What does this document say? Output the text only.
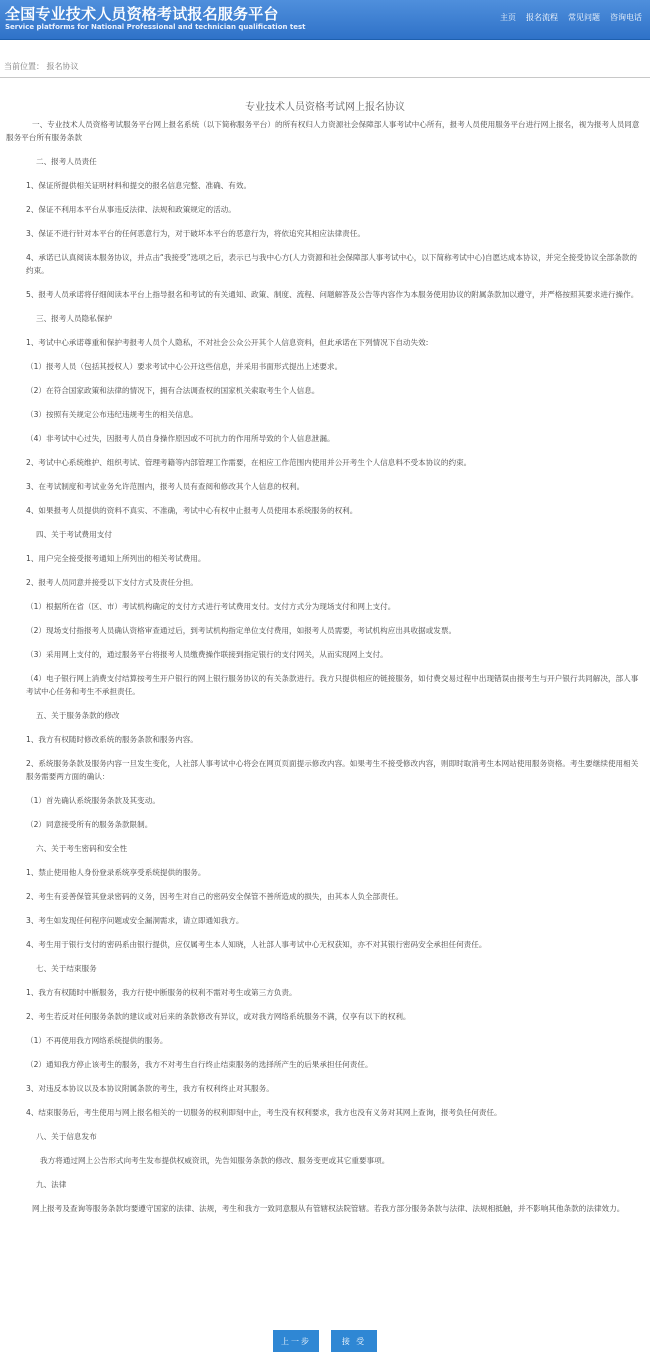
全国专业技术人员资格考试报名服务平台
Service platforms for National Professional and technician qualification test
主页 报名流程 常见问题 咨询电话
当前位置： 报名协议
专业技术人员资格考试网上报名协议
一、专业技术人员资格考试服务平台网上报名系统（以下简称服务平台）的所有权归人力资源社会保障部人事考试中心所有，报考人员使用服务平台进行网上报名，视为报考人员同意服务平台所有服务条款
二、报考人员责任
1、保证所提供相关证明材料和提交的报名信息完整、准确、有效。
2、保证不利用本平台从事违反法律、法规和政策规定的活动。
3、保证不进行针对本平台的任何恶意行为，对于破坏本平台的恶意行为，将依追究其相应法律责任。
4、承诺已认真阅读本服务协议，并点击“我接受”选项之后，表示已与我中心方(人力资源和社会保障部人事考试中心，以下简称考试中心)自愿达成本协议，并完全接受协议全部条款的约束。
5、报考人员承诺将仔细阅读本平台上指导报名和考试的有关通知、政策、制度、流程、问题解答及公告等内容作为本服务使用协议的附属条款加以遵守，并严格按照其要求进行操作。
三、报考人员隐私保护
1、考试中心承诺尊重和保护考报考人员个人隐私，不对社会公众公开其个人信息资料，但此承诺在下列情况下自动失效:
（1）报考人员（包括其授权人）要求考试中心公开这些信息，并采用书面形式提出上述要求。
（2）在符合国家政策和法律的情况下，拥有合法调查权的国家机关索取考生个人信息。
（3）按照有关规定公布违纪违规考生的相关信息。
（4）非考试中心过失，因报考人员自身操作原因或不可抗力的作用所导致的个人信息泄漏。
2、考试中心系统维护、组织考试、管理考籍等内部管理工作需要，在相应工作范围内使用并公开考生个人信息料不受本协议的约束。
3、在考试制度和考试业务允许范围内，报考人员有查阅和修改其个人信息的权利。
4、如果报考人员提供的资料不真实、不准确，考试中心有权中止报考人员使用本系统服务的权利。
四、关于考试费用支付
1、用户完全接受报考通知上所列出的相关考试费用。
2、报考人员同意并接受以下支付方式及责任分担。
（1）根据所在省（区、市）考试机构确定的支付方式进行考试费用支付。支付方式分为现场支付和网上支付。
（2）现场支付指报考人员确认资格审查通过后，到考试机构指定单位支付费用，如报考人员需要，考试机构应出具收据或发票。
（3）采用网上支付的，通过服务平台将报考人员缴费操作联接到指定银行的支付网关，从而实现网上支付。
（4）电子银行网上消费支付结算按考生开户银行的网上银行服务协议的有关条款进行。我方只提供相应的链接服务，如付费交易过程中出现错误由报考生与开户银行共同解决，部人事考试中心任务和考生不承担责任。
五、关于服务条款的修改
1、我方有权随时修改系统的服务条款和服务内容。
2、系统服务条款及服务内容一旦发生变化，人社部人事考试中心将会在网页页面提示修改内容。如果考生不接受修改内容，则即时取消考生本网站使用服务资格。考生要继续使用相关服务需要两方面的确认：
（1）首先确认系统服务条款及其变动。
（2）同意接受所有的服务条款限制。
六、关于考生密码和安全性
1、禁止使用他人身份登录系统享受系统提供的服务。
2、考生有妥善保管其登录密码的义务，因考生对自己的密码安全保管不善所造成的损失，由其本人负全部责任。
3、考生如发现任何程序问题或安全漏洞需求，请立即通知我方。
4、考生用于银行支付的密码系由银行提供，应仅属考生本人知晓，人社部人事考试中心无权获知，亦不对其银行密码安全承担任何责任。
七、关于结束服务
1、我方有权随时中断服务，我方行使中断服务的权利不需对考生或第三方负责。
2、考生若反对任何服务条款的建议或对后来的条款修改有异议，或对我方网络系统服务不满，仅享有以下的权利。
（1）不再使用我方网络系统提供的服务。
（2）通知我方停止该考生的服务，我方不对考生自行终止结束服务的选择所产生的后果承担任何责任。
3、对违反本协议以及本协议附属条款的考生，我方有权利终止对其服务。
4、结束服务后，考生使用与网上报名相关的一切服务的权利即刻中止，考生没有权利要求，我方也没有义务对其网上查询，报考负任何责任。
八、关于信息发布
我方将通过网上公告形式向考生发布提供权威资讯，先告知服务条款的修改、服务变更或其它重要事项。
九、法律
网上报考及查询等服务条款均要遵守国家的法律、法规，考生和我方一致同意服从有管辖权法院管辖。若我方部分服务条款与法律、法规相抵触，并不影响其他条款的法律效力。
上一步	接 受
